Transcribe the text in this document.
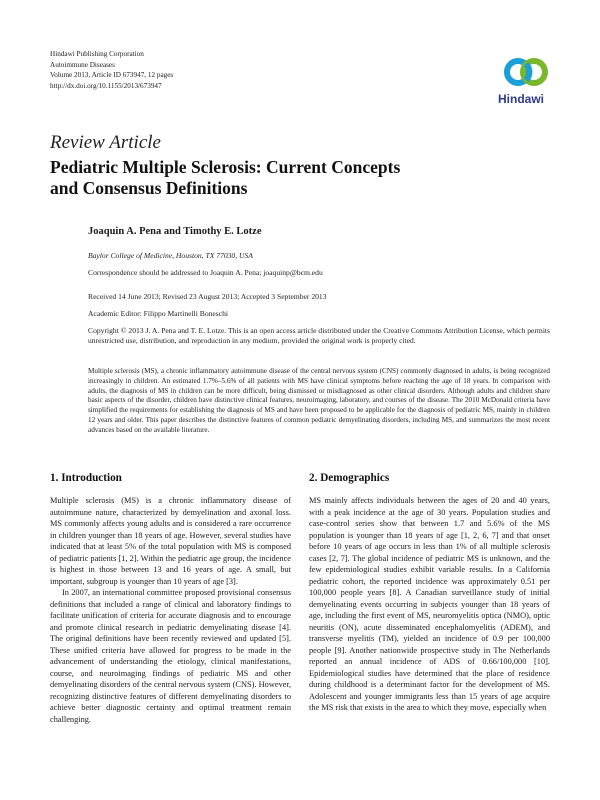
Hindawi Publishing Corporation
Autoimmune Diseases
Volume 2013, Article ID 673947, 12 pages
http://dx.doi.org/10.1155/2013/673947
Hindawi
Review Article
Pediatric Multiple Sclerosis: Current Concepts and Consensus Definitions
Joaquin A. Pena and Timothy E. Lotze
Baylor College of Medicine, Houston, TX 77030, USA
Correspondence should be addressed to Joaquin A. Pena; joaquinp@bcm.edu
Received 14 June 2013; Revised 23 August 2013; Accepted 3 September 2013
Academic Editor: Filippo Martinelli Boneschi
Copyright © 2013 J. A. Pena and T. E. Lotze. This is an open access article distributed under the Creative Commons Attribution License, which permits unrestricted use, distribution, and reproduction in any medium, provided the original work is properly cited.
Multiple sclerosis (MS), a chronic inflammatory autoimmune disease of the central nervous system (CNS) commonly diagnosed in adults, is being recognized increasingly in children. An estimated 1.7%–5.6% of all patients with MS have clinical symptoms before reaching the age of 18 years. In comparison with adults, the diagnosis of MS in children can be more difficult, being dismissed or misdiagnosed as other clinical disorders. Although adults and children share basic aspects of the disorder, children have distinctive clinical features, neuroimaging, laboratory, and courses of the disease. The 2010 McDonald criteria have simplified the requirements for establishing the diagnosis of MS and have been proposed to be applicable for the diagnosis of pediatric MS, mainly in children 12 years and older. This paper describes the distinctive features of common pediatric demyelinating disorders, including MS, and summarizes the most recent advances based on the available literature.
1. Introduction

Multiple sclerosis (MS) is a chronic inflammatory disease of autoimmune nature, characterized by demyelination and axonal loss. MS commonly affects young adults and is considered a rare occurrence in children younger than 18 years of age. However, several studies have indicated that at least 5% of the total population with MS is composed of pediatric patients [1, 2]. Within the pediatric age group, the incidence is highest in those between 13 and 16 years of age. A small, but important, subgroup is younger than 10 years of age [3].

In 2007, an international committee proposed provisional consensus definitions that included a range of clinical and laboratory findings to facilitate unification of criteria for accurate diagnosis and to encourage and promote clinical research in pediatric demyelinating disease [4]. The original definitions have been recently reviewed and updated [5]. These unified criteria have allowed for progress to be made in the advancement of understanding the etiology, clinical manifestations, course, and neuroimaging findings of pediatric MS and other demyelinating disorders of the central nervous system (CNS). However, recognizing distinctive features of different demyelinating disorders to achieve better diagnostic certainty and optimal treatment remain challenging.

2. Demographics

MS mainly affects individuals between the ages of 20 and 40 years, with a peak incidence at the age of 30 years. Population studies and case-control series show that between 1.7 and 5.6% of the MS population is younger than 18 years of age [1, 2, 6, 7] and that onset before 10 years of age occurs in less than 1% of all multiple sclerosis cases [2, 7]. The global incidence of pediatric MS is unknown, and the few epidemiological studies exhibit variable results. In a California pediatric cohort, the reported incidence was approximately 0.51 per 100,000 people years [8]. A Canadian surveillance study of initial demyelinating events occurring in subjects younger than 18 years of age, including the first event of MS, neuromyelitis optica (NMO), optic neuritis (ON), acute disseminated encephalomyelitis (ADEM), and transverse myelitis (TM), yielded an incidence of 0.9 per 100,000 people [9]. Another nationwide prospective study in The Netherlands reported an annual incidence of ADS of 0.66/100,000 [10]. Epidemiological studies have determined that the place of residence during childhood is a determinant factor for the development of MS. Adolescent and younger immigrants less than 15 years of age acquire the MS risk that exists in the area to which they move, especially when
